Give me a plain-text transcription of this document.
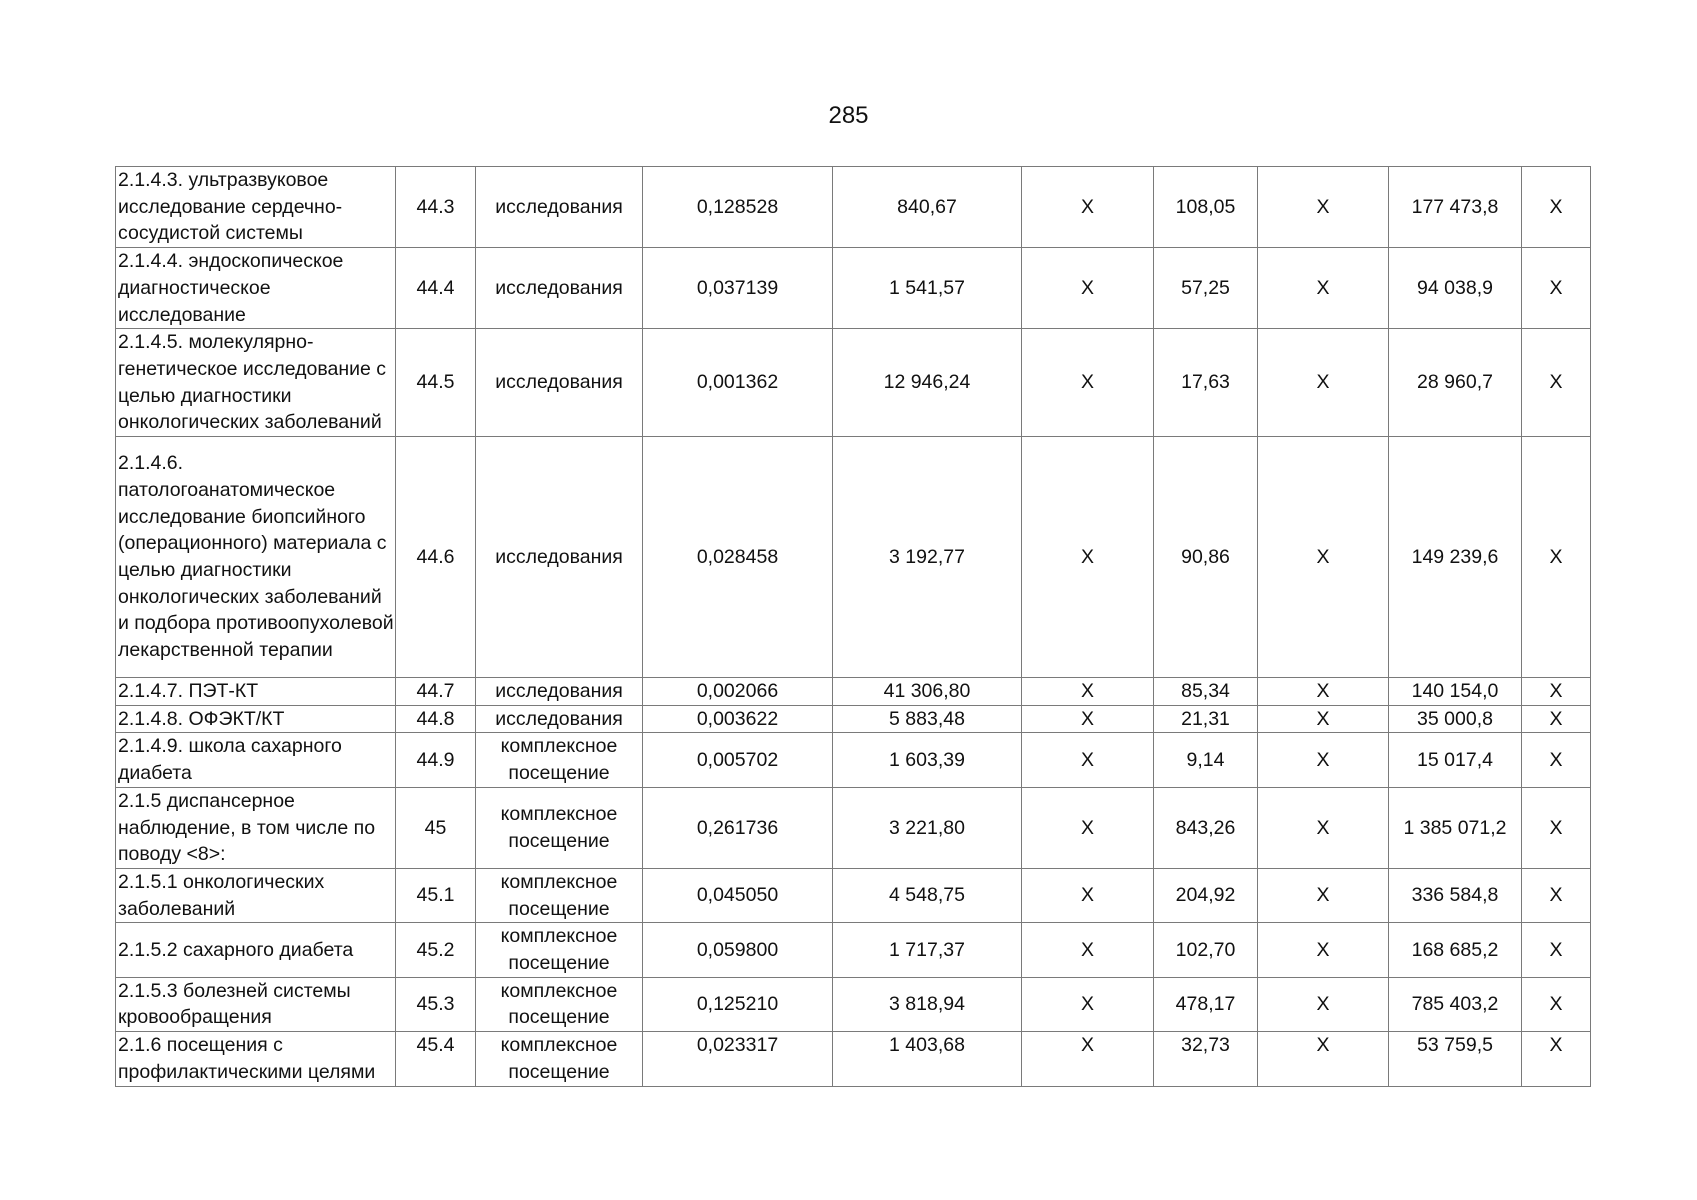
285
2.1.4.3. ультразвуковое исследование сердечно-сосудистой системы	44.3	исследования	0,128528	840,67	Х	108,05	Х	177 473,8	Х
2.1.4.4. эндоскопическое диагностическое исследование	44.4	исследования	0,037139	1 541,57	Х	57,25	Х	94 038,9	Х
2.1.4.5. молекулярно-генетическое исследование с целью диагностики онкологических заболеваний	44.5	исследования	0,001362	12 946,24	Х	17,63	Х	28 960,7	Х
2.1.4.6. патологоанатомическое исследование биопсийного (операционного) материала с целью диагностики онкологических заболеваний и подбора противоопухолевой лекарственной терапии	44.6	исследования	0,028458	3 192,77	Х	90,86	Х	149 239,6	Х
2.1.4.7. ПЭТ-КТ	44.7	исследования	0,002066	41 306,80	Х	85,34	Х	140 154,0	Х
2.1.4.8. ОФЭКТ/КТ	44.8	исследования	0,003622	5 883,48	Х	21,31	Х	35 000,8	Х
2.1.4.9. школа сахарного диабета	44.9	комплексное посещение	0,005702	1 603,39	Х	9,14	Х	15 017,4	Х
2.1.5 диспансерное наблюдение, в том числе по поводу <8>:	45	комплексное посещение	0,261736	3 221,80	Х	843,26	Х	1 385 071,2	Х
2.1.5.1 онкологических заболеваний	45.1	комплексное посещение	0,045050	4 548,75	Х	204,92	Х	336 584,8	Х
2.1.5.2 сахарного диабета	45.2	комплексное посещение	0,059800	1 717,37	Х	102,70	Х	168 685,2	Х
2.1.5.3 болезней системы кровообращения	45.3	комплексное посещение	0,125210	3 818,94	Х	478,17	Х	785 403,2	Х
2.1.6 посещения с профилактическими целями	45.4	комплексное посещение	0,023317	1 403,68	Х	32,73	Х	53 759,5	Х
